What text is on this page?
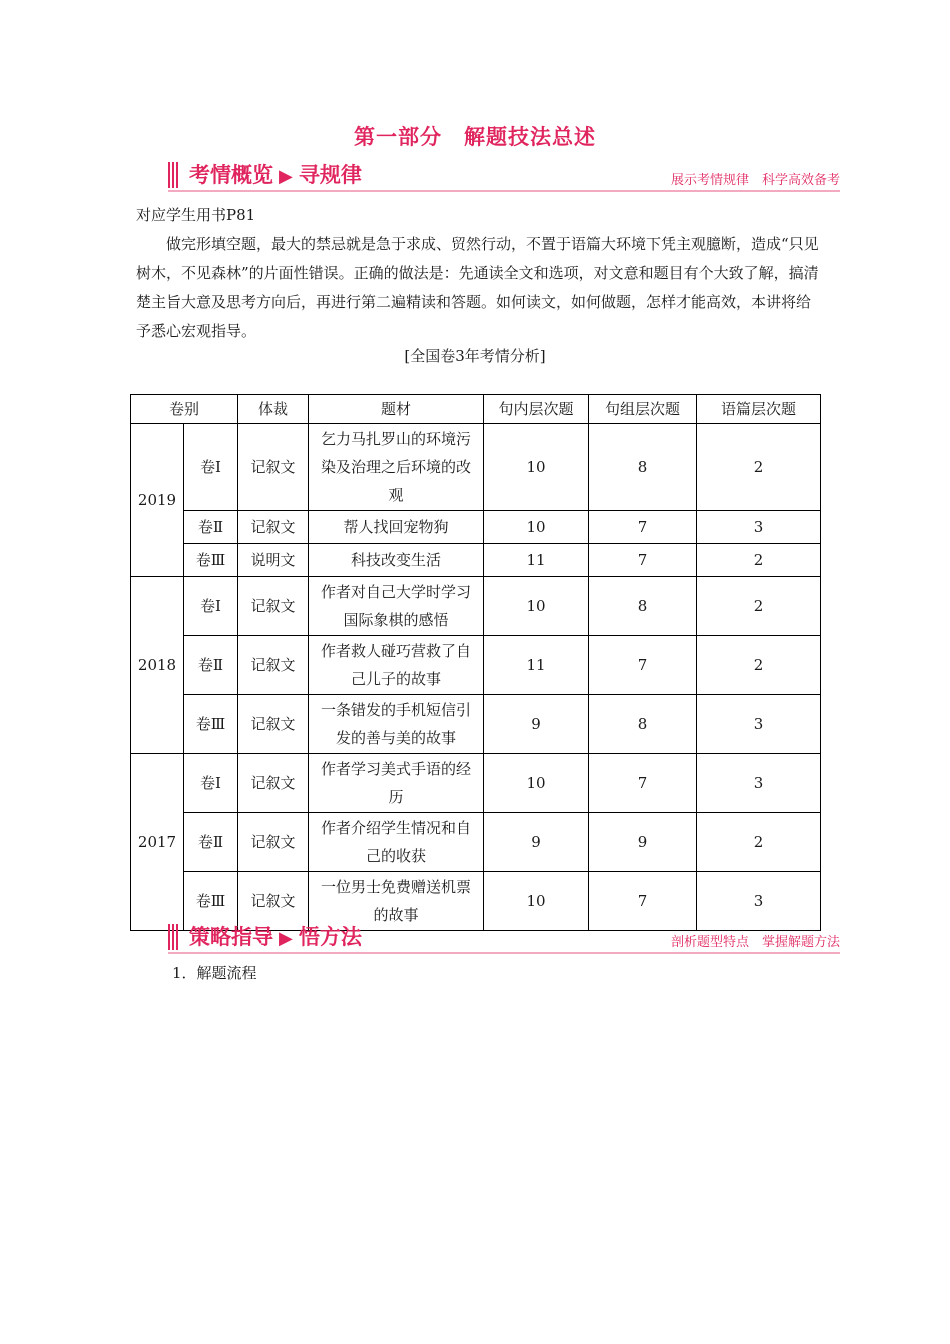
第一部分　解题技法总述
考情概览 ▶ 寻规律	展示考情规律　科学高效备考
对应学生用书P81

做完形填空题，最大的禁忌就是急于求成、贸然行动，不置于语篇大环境下凭主观臆断，造成“只见树木，不见森林”的片面性错误。正确的做法是：先通读全文和选项，对文意和题目有个大致了解，搞清楚主旨大意及思考方向后，再进行第二遍精读和答题。如何读文，如何做题，怎样才能高效，本讲将给予悉心宏观指导。

[全国卷3年考情分析]
卷别		体裁	题材	句内层次题	句组层次题	语篇层次题
2019	卷Ⅰ	记叙文	乞力马扎罗山的环境污染及治理之后环境的改观	10	8	2
	卷Ⅱ	记叙文	帮人找回宠物狗	10	7	3
	卷Ⅲ	说明文	科技改变生活	11	7	2
2018	卷Ⅰ	记叙文	作者对自己大学时学习国际象棋的感悟	10	8	2
	卷Ⅱ	记叙文	作者救人碰巧营救了自己儿子的故事	11	7	2
	卷Ⅲ	记叙文	一条错发的手机短信引发的善与美的故事	9	8	3
2017	卷Ⅰ	记叙文	作者学习美式手语的经历	10	7	3
	卷Ⅱ	记叙文	作者介绍学生情况和自己的收获	9	9	2
	卷Ⅲ	记叙文	一位男士免费赠送机票的故事	10	7	3
策略指导 ▶ 悟方法	剖析题型特点　掌握解题方法
1．解题流程
